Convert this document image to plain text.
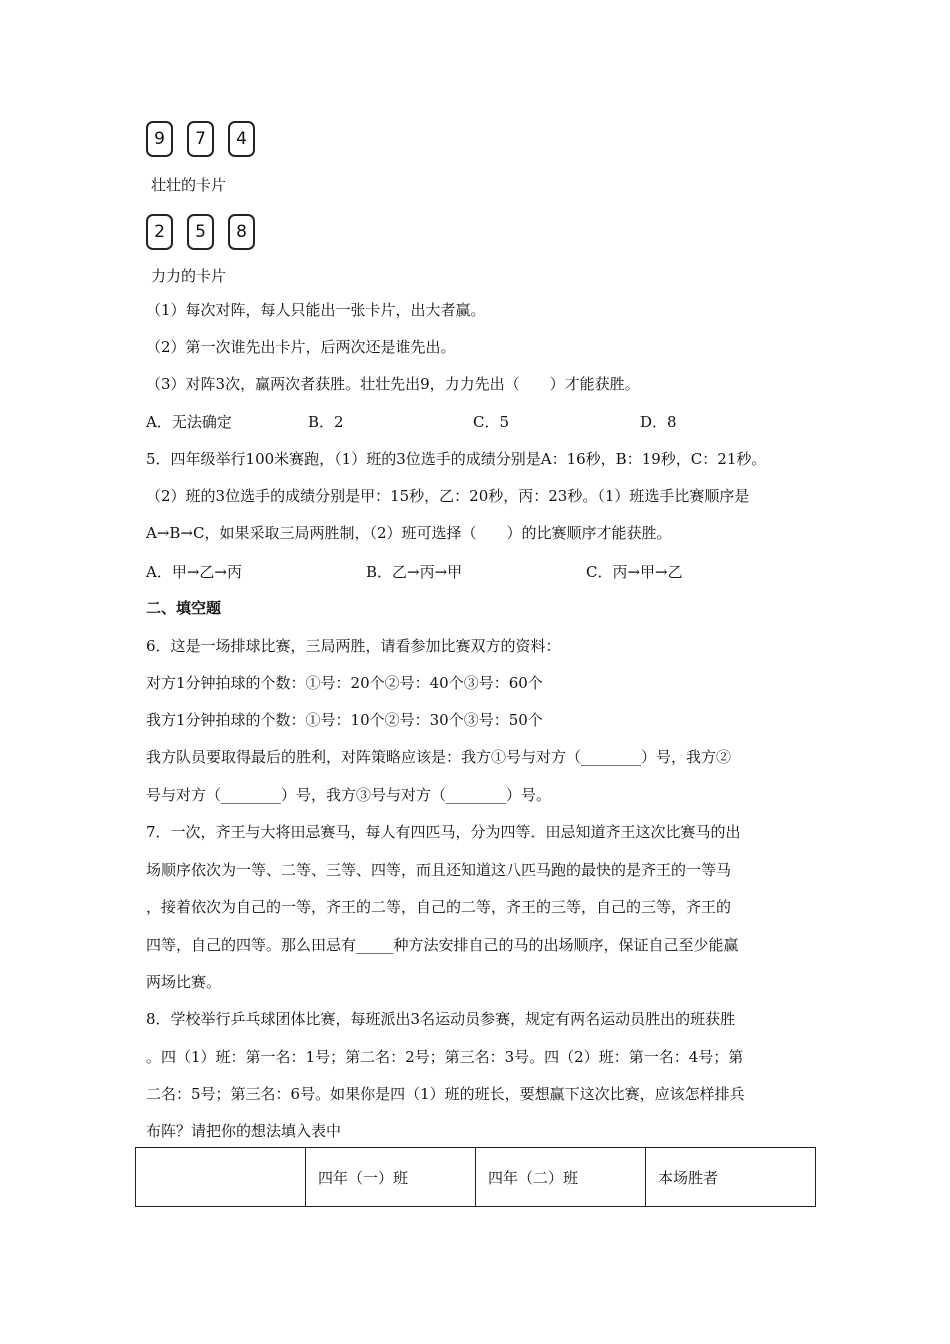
9	7	4
壮壮的卡片
2	5	8
力力的卡片
（1）每次对阵，每人只能出一张卡片，出大者赢。
（2）第一次谁先出卡片，后两次还是谁先出。
（3）对阵3次，赢两次者获胜。壮壮先出9，力力先出（　　）才能获胜。
A．无法确定	B．2	C．5	D．8
5．四年级举行100米赛跑，（1）班的3位选手的成绩分别是A：16秒，B：19秒，C：21秒。
（2）班的3位选手的成绩分别是甲：15秒，乙：20秒，丙：23秒。（1）班选手比赛顺序是
A→B→C，如果采取三局两胜制，（2）班可选择（　　）的比赛顺序才能获胜。
A．甲→乙→丙	B．乙→丙→甲	C．丙→甲→乙
二、填空题
6．这是一场排球比赛，三局两胜，请看参加比赛双方的资料：
对方1分钟拍球的个数：①号：20个②号：40个③号：60个
我方1分钟拍球的个数：①号：10个②号：30个③号：50个
我方队员要取得最后的胜利，对阵策略应该是：我方①号与对方（________）号，我方②
号与对方（________）号，我方③号与对方（________）号。
7．一次，齐王与大将田忌赛马，每人有四匹马，分为四等．田忌知道齐王这次比赛马的出
场顺序依次为一等、二等、三等、四等，而且还知道这八匹马跑的最快的是齐王的一等马
，接着依次为自己的一等，齐王的二等，自己的二等，齐王的三等，自己的三等，齐王的
四等，自己的四等。那么田忌有_____种方法安排自己的马的出场顺序，保证自己至少能赢
两场比赛。
8．学校举行乒乓球团体比赛，每班派出3名运动员参赛，规定有两名运动员胜出的班获胜
。四（1）班：第一名：1号；第二名：2号；第三名：3号。四（2）班：第一名：4号；第
二名：5号；第三名：6号。如果你是四（1）班的班长，要想赢下这次比赛，应该怎样排兵
布阵？请把你的想法填入表中
	四年（一）班	四年（二）班	本场胜者
